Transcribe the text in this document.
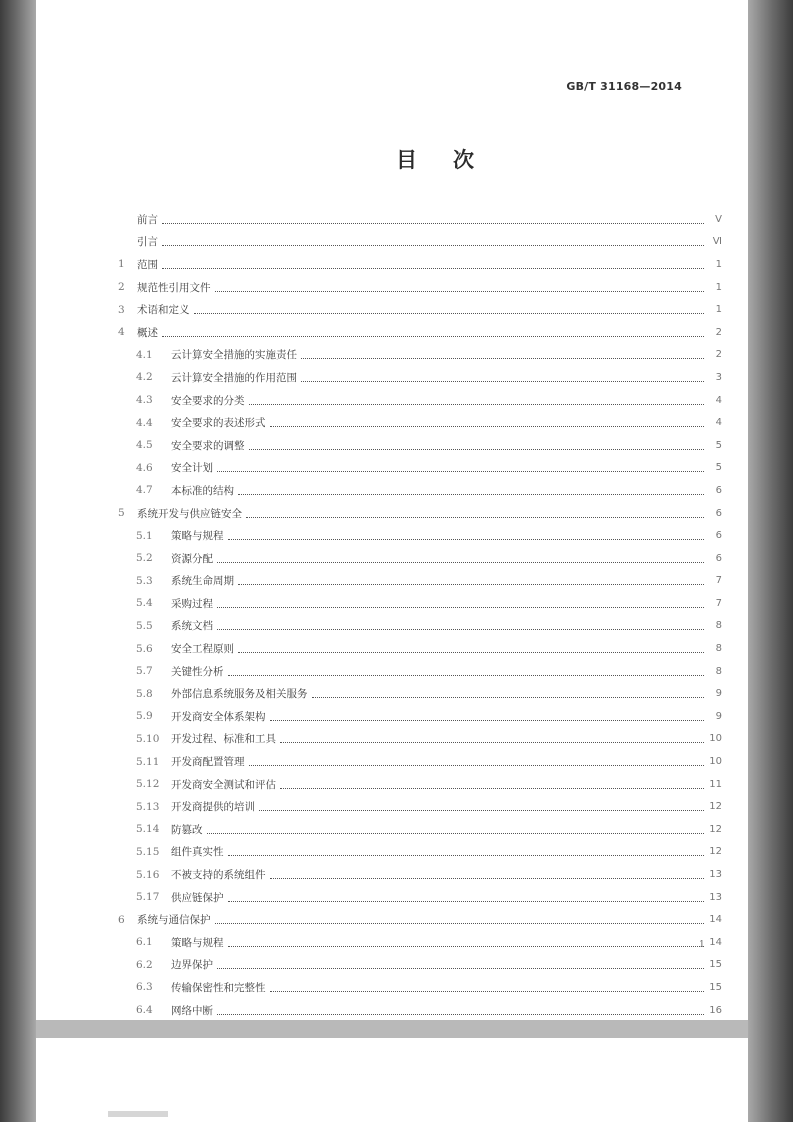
GB/T 31168—2014
目次
前言	V
引言	Ⅵ
1	范围	1
2	规范性引用文件	1
3	术语和定义	1
4	概述	2
4.1	云计算安全措施的实施责任	2
4.2	云计算安全措施的作用范围	3
4.3	安全要求的分类	4
4.4	安全要求的表述形式	4
4.5	安全要求的调整	5
4.6	安全计划	5
4.7	本标准的结构	6
5	系统开发与供应链安全	6
5.1	策略与规程	6
5.2	资源分配	6
5.3	系统生命周期	7
5.4	采购过程	7
5.5	系统文档	8
5.6	安全工程原则	8
5.7	关键性分析	8
5.8	外部信息系统服务及相关服务	9
5.9	开发商安全体系架构	9
5.10	开发过程、标准和工具	10
5.11	开发商配置管理	10
5.12	开发商安全测试和评估	11
5.13	开发商提供的培训	12
5.14	防篡改	12
5.15	组件真实性	12
5.16	不被支持的系统组件	13
5.17	供应链保护	13
6	系统与通信保护	14
6.1	策略与规程	14
6.2	边界保护	15
6.3	传输保密性和完整性	15
6.4	网络中断	16
1
